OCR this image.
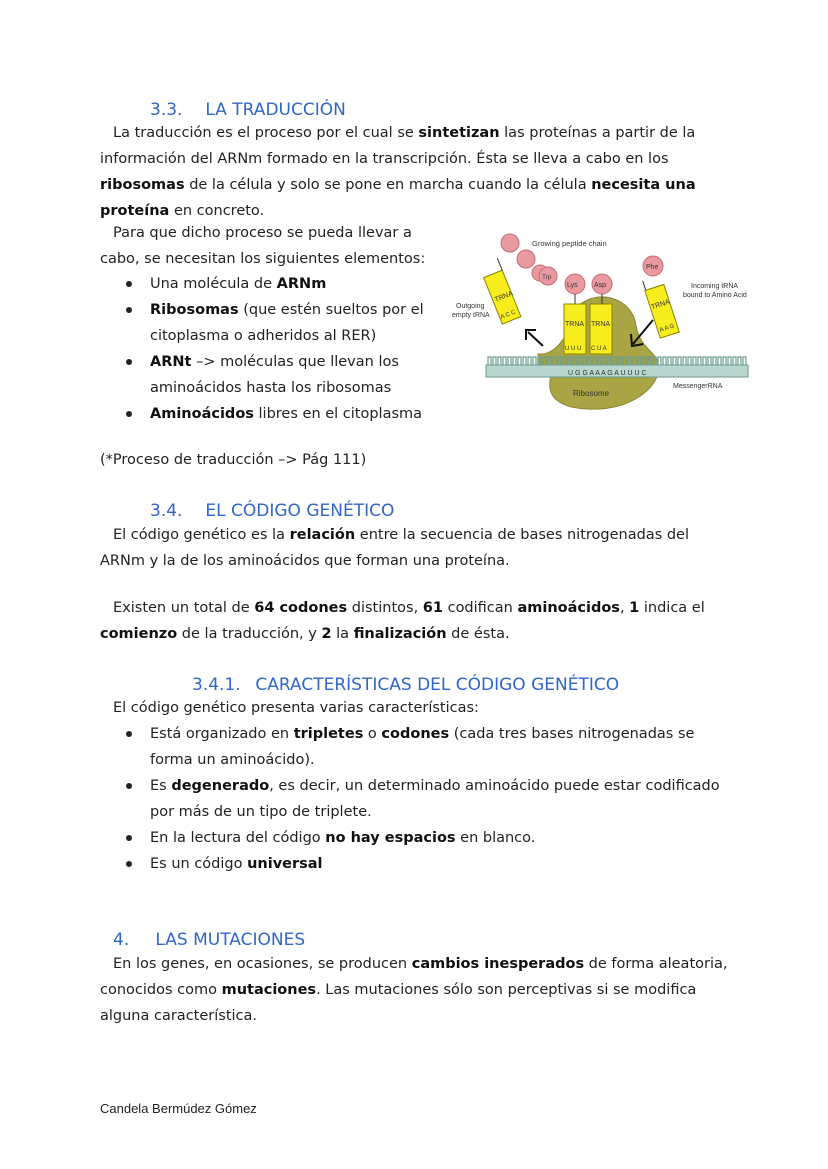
3.3. LA TRADUCCIÓN
La traducción es el proceso por el cual se sintetizan las proteínas a partir de la información del ARNm formado en la transcripción. Ésta se lleva a cabo en los ribosomas de la célula y solo se pone en marcha cuando la célula necesita una proteína en concreto.
Para que dicho proceso se pueda llevar a cabo, se necesitan los siguientes elementos:
Una molécula de ARNm
Ribosomas (que estén sueltos por el citoplasma o adheridos al RER)
ARNt –> moléculas que llevan los aminoácidos hasta los ribosomas
Aminoácidos libres en el citoplasma
(*Proceso de traducción –> Pág 111)
U G G A A A G A U U U C
Ribosome
MessengerRNA
Growing peptide chain
TRNA
A C C
Outgoing
empty tRNA
Trp
Lys
TRNA
U U U
Asp
TRNA
C U A
Phe
TRNA
A A G
Incoming tRNA
bound to Amino Acid
3.4. EL CÓDIGO GENÉTICO
El código genético es la relación entre la secuencia de bases nitrogenadas del ARNm y la de los aminoácidos que forman una proteína.
Existen un total de 64 codones distintos, 61 codifican aminoácidos, 1 indica el comienzo de la traducción, y 2 la finalización de ésta.
3.4.1. CARACTERÍSTICAS DEL CÓDIGO GENÉTICO
El código genético presenta varias características:
Está organizado en tripletes o codones (cada tres bases nitrogenadas se forma un aminoácido).
Es degenerado, es decir, un determinado aminoácido puede estar codificado por más de un tipo de triplete.
En la lectura del código no hay espacios en blanco.
Es un código universal
4. LAS MUTACIONES
En los genes, en ocasiones, se producen cambios inesperados de forma aleatoria, conocidos como mutaciones. Las mutaciones sólo son perceptivas si se modifica alguna característica.
Candela Bermúdez Gómez
